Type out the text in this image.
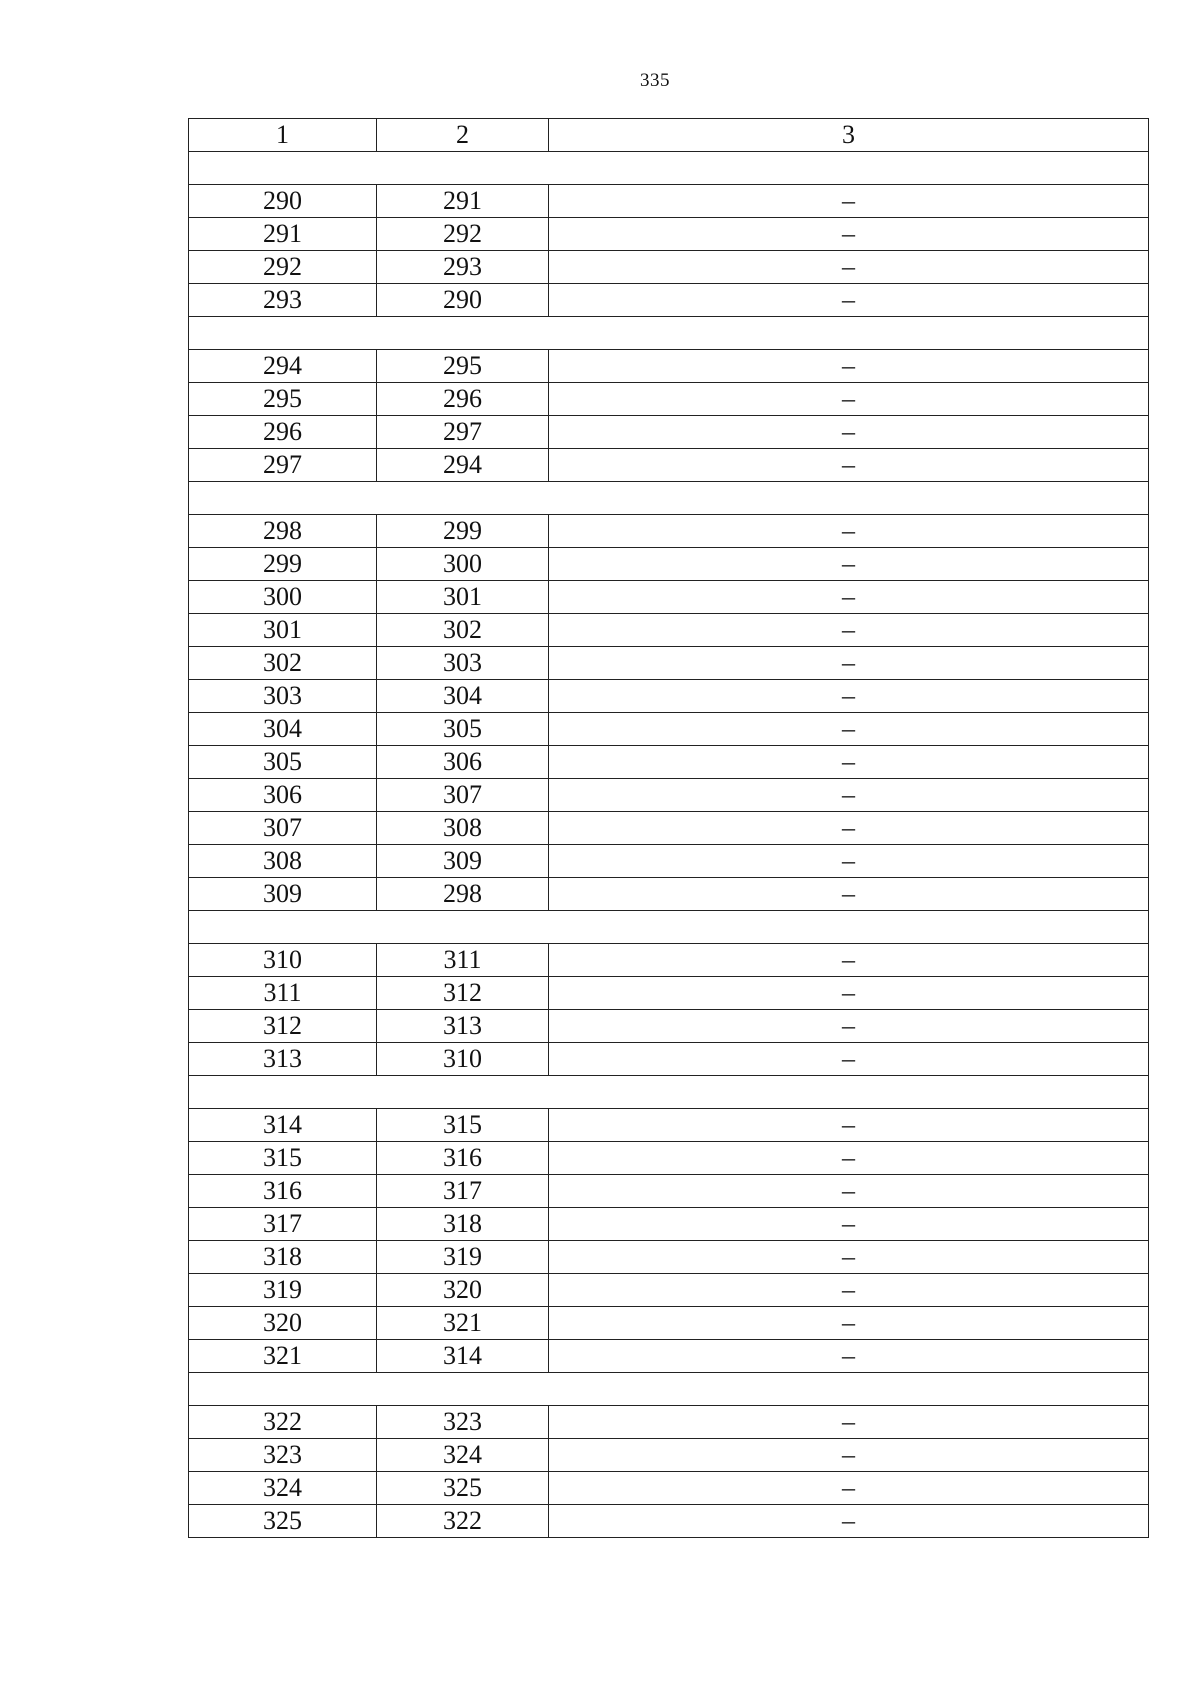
335
1	2	3

290	291	–
291	292	–
292	293	–
293	290	–

294	295	–
295	296	–
296	297	–
297	294	–

298	299	–
299	300	–
300	301	–
301	302	–
302	303	–
303	304	–
304	305	–
305	306	–
306	307	–
307	308	–
308	309	–
309	298	–

310	311	–
311	312	–
312	313	–
313	310	–

314	315	–
315	316	–
316	317	–
317	318	–
318	319	–
319	320	–
320	321	–
321	314	–

322	323	–
323	324	–
324	325	–
325	322	–
